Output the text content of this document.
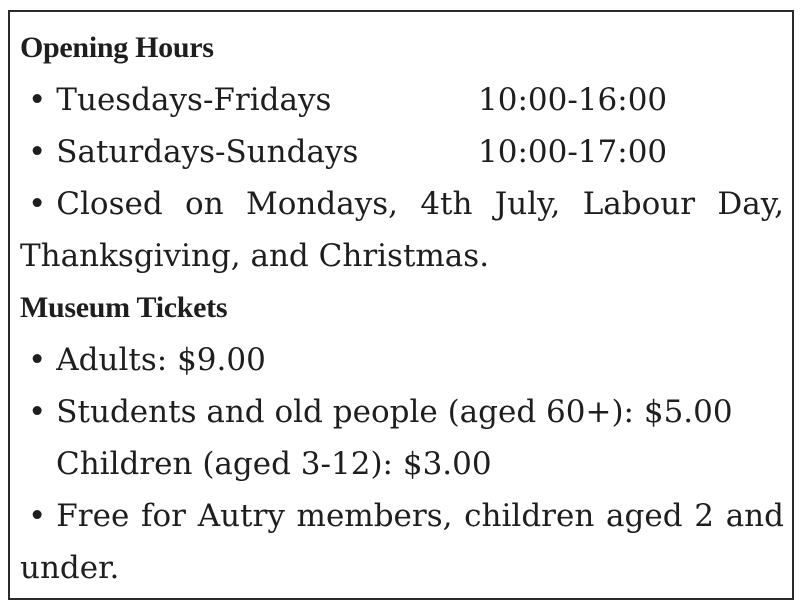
Opening Hours
• Tuesdays-Fridays	10:00-16:00
• Saturdays-Sundays	10:00-17:00
• Closed on Mondays, 4th July, Labour Day,
Thanksgiving, and Christmas.
Museum Tickets
• Adults: $9.00
• Students and old people (aged 60+): $5.00
Children (aged 3-12): $3.00
• Free for Autry members, children aged 2 and
under.
